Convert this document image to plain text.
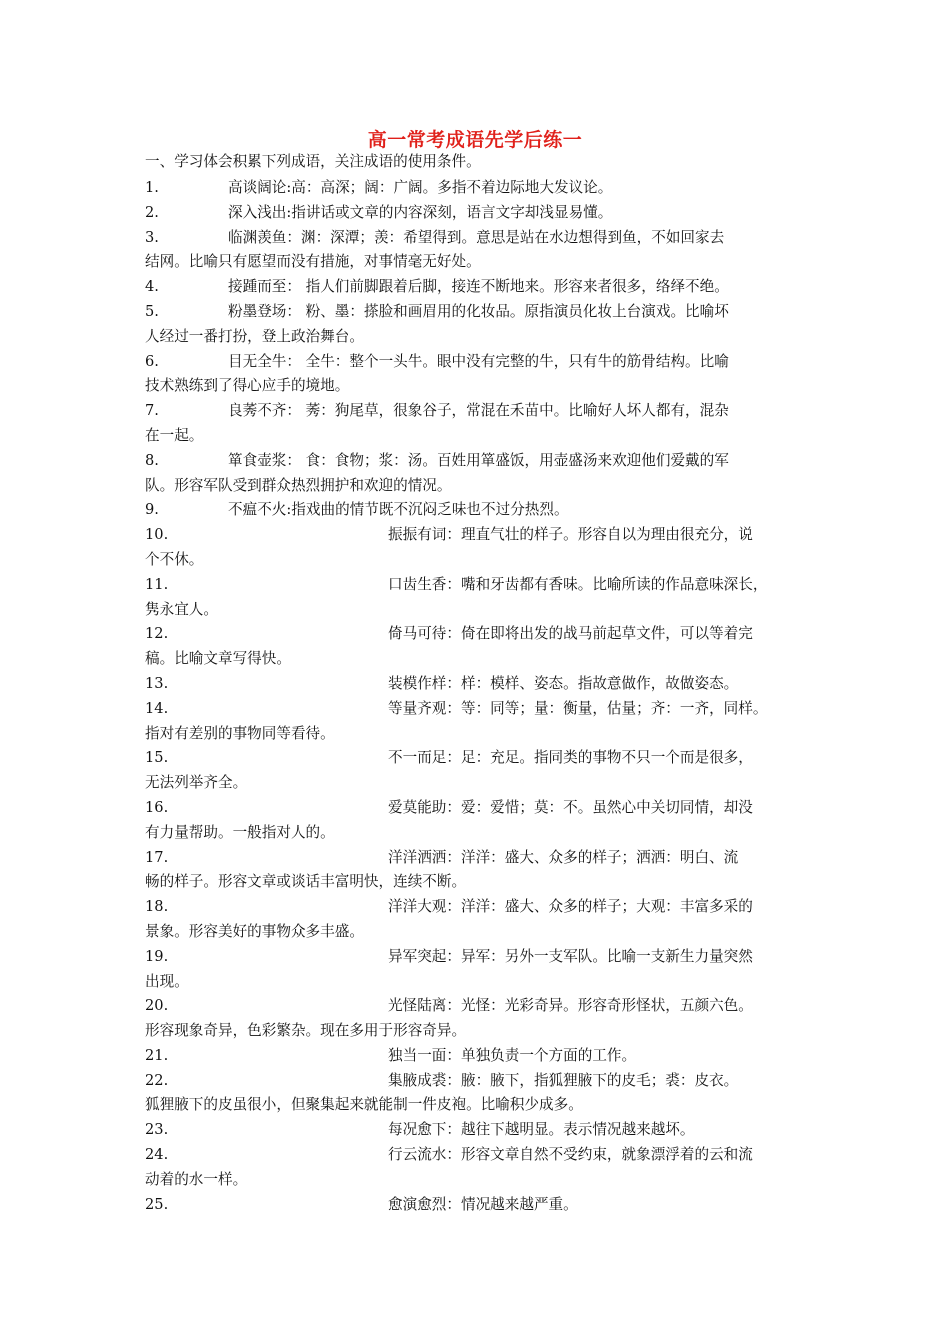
高一常考成语先学后练一
一、学习体会积累下列成语，关注成语的使用条件。
1.	高谈阔论:高：高深；阔：广阔。多指不着边际地大发议论。
2.	深入浅出:指讲话或文章的内容深刻，语言文字却浅显易懂。
3.	临渊羡鱼：渊：深潭；羡：希望得到。意思是站在水边想得到鱼，不如回家去
结网。比喻只有愿望而没有措施，对事情毫无好处。
4.	接踵而至： 指人们前脚跟着后脚，接连不断地来。形容来者很多，络绎不绝。
5.	粉墨登场： 粉、墨：搽脸和画眉用的化妆品。原指演员化妆上台演戏。比喻坏
人经过一番打扮，登上政治舞台。
6.	目无全牛： 全牛：整个一头牛。眼中没有完整的牛，只有牛的筋骨结构。比喻
技术熟练到了得心应手的境地。
7.	良莠不齐： 莠：狗尾草，很象谷子，常混在禾苗中。比喻好人坏人都有，混杂
在一起。
8.	箪食壶浆： 食：食物；浆：汤。百姓用箪盛饭，用壶盛汤来欢迎他们爱戴的军
队。形容军队受到群众热烈拥护和欢迎的情况。
9.	不瘟不火:指戏曲的情节既不沉闷乏味也不过分热烈。
10.	振振有词：理直气壮的样子。形容自以为理由很充分，说
个不休。
11.	口齿生香：嘴和牙齿都有香味。比喻所读的作品意味深长，
隽永宜人。
12.	倚马可待：倚在即将出发的战马前起草文件，可以等着完
稿。比喻文章写得快。
13.	装模作样：样：模样、姿态。指故意做作，故做姿态。
14.	等量齐观：等：同等；量：衡量，估量；齐：一齐，同样。
指对有差别的事物同等看待。
15.	不一而足：足：充足。指同类的事物不只一个而是很多，
无法列举齐全。
16.	爱莫能助：爱：爱惜；莫：不。虽然心中关切同情，却没
有力量帮助。一般指对人的。
17.	洋洋洒洒：洋洋：盛大、众多的样子；洒洒：明白、流
畅的样子。形容文章或谈话丰富明快，连续不断。
18.	洋洋大观：洋洋：盛大、众多的样子；大观：丰富多采的
景象。形容美好的事物众多丰盛。
19.	异军突起：异军：另外一支军队。比喻一支新生力量突然
出现。
20.	光怪陆离：光怪：光彩奇异。形容奇形怪状，五颜六色。
形容现象奇异，色彩繁杂。现在多用于形容奇异。
21.	独当一面：单独负责一个方面的工作。
22.	集腋成裘：腋：腋下，指狐狸腋下的皮毛；裘：皮衣。
狐狸腋下的皮虽很小，但聚集起来就能制一件皮袍。比喻积少成多。
23.	每况愈下：越往下越明显。表示情况越来越坏。
24.	行云流水：形容文章自然不受约束，就象漂浮着的云和流
动着的水一样。
25.	愈演愈烈：情况越来越严重。
